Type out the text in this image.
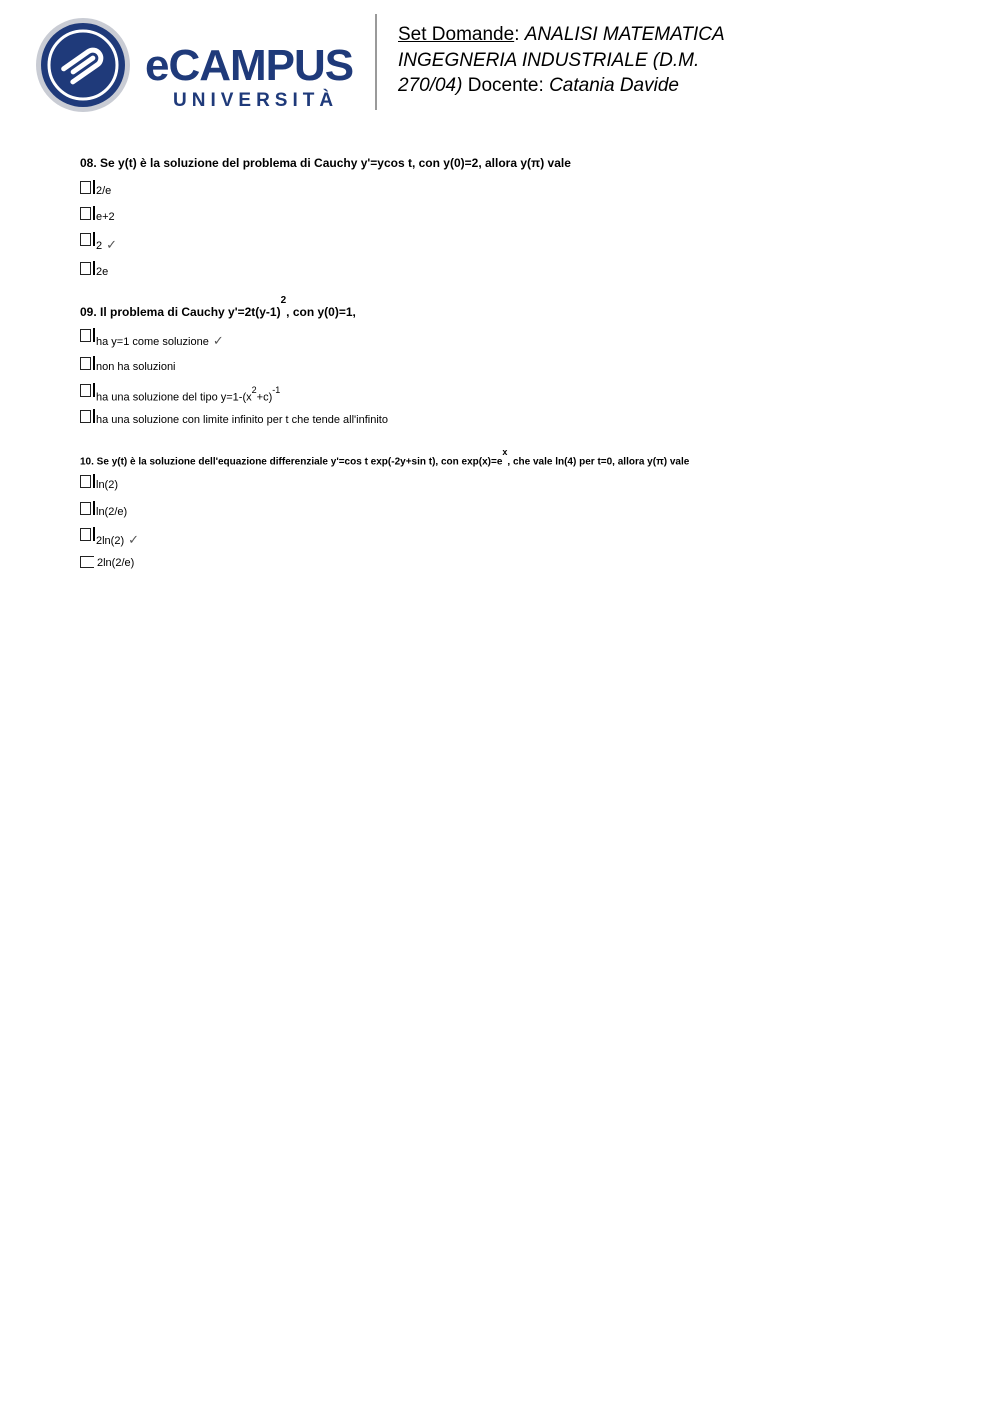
eCAMPUS
UNIVERSITÀ
Set Domande: ANALISI MATEMATICA
INGEGNERIA INDUSTRIALE (D.M.
270/04) Docente: Catania Davide
08. Se y(t) è la soluzione del problema di Cauchy y'=ycos t, con y(0)=2, allora y(π) vale
2/e
e+2
2 ✓
2e
09. Il problema di Cauchy $y'=2t(y-1)^2$, con y(0)=1,
ha y=1 come soluzione ✓
non ha soluzioni
ha una soluzione del tipo $y=1-(x^2+c)^{-1}$
ha una soluzione con limite infinito per t che tende all'infinito
10. Se y(t) è la soluzione dell'equazione differenziale y'=cos t exp(-2y+sin t), con $\exp(x)=e^x$, che vale ln(4) per t=0, allora y(π) vale
ln(2)
ln(2/e)
2ln(2) ✓
2ln(2/e)
